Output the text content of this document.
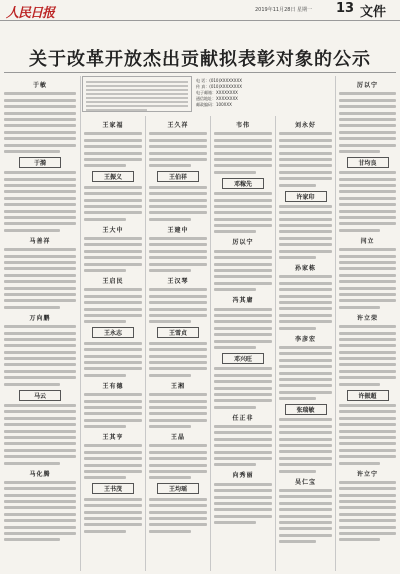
人民日报	2019年11月28日 星期一 13 文件
关于改革开放杰出贡献拟表彰对象的公示
电 话：(010)XXXXXXXX
传 真：(010)XXXXXXXX
电子邮箱：XXXXXXXX
通信地址：XXXXXXXX
邮政编码：100XXX
于敏
于漪
马善祥
万向鹏
马云
马化腾
王家福
王振义
王大中
王启民
王永志
王有德
王其亨
王书茂
王久祥
王伯祥
王建中
王汉琴
王雪贞
王湘
王晶
王均瑶
韦伟
邓稼先
厉以宁
冯其庸
邓兴旺
任正非
向秀丽
刘永好
许家印
孙家栋
李彦宏
张瑞敏
吴仁宝
厉以宁
甘均良
闫立
许立荣
许振超
许立宁
